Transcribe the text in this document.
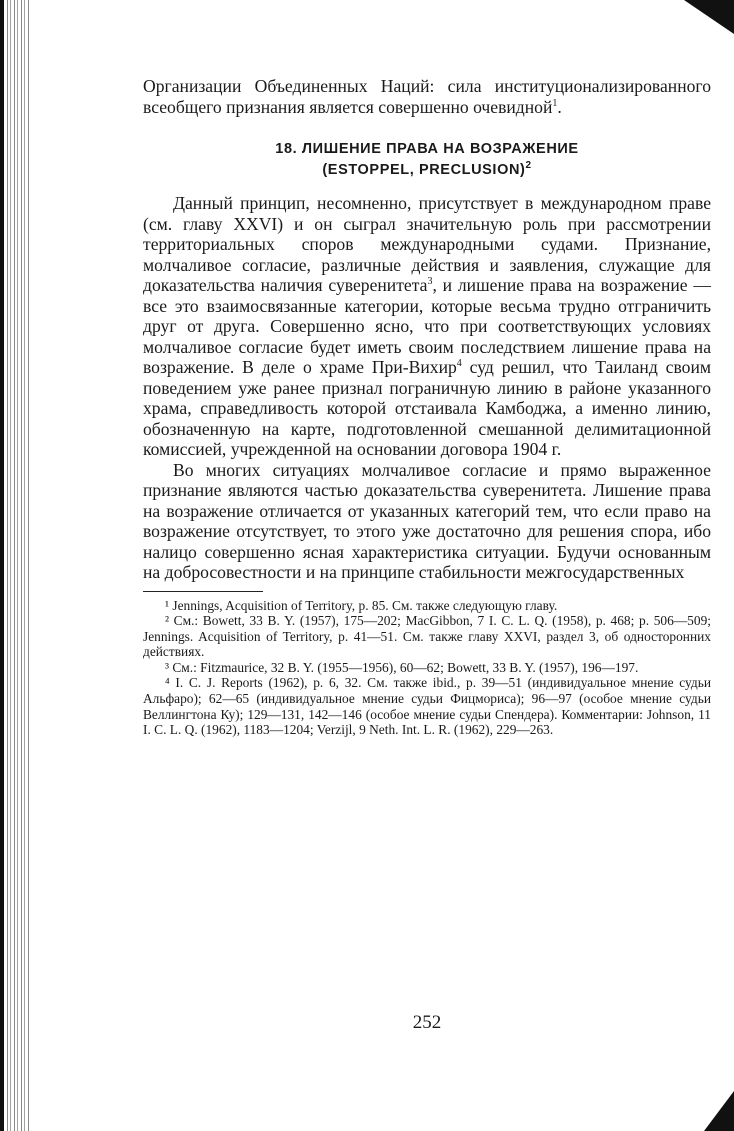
Организации Объединенных Наций: сила институционализированного всеобщего признания является совершенно очевидной$^1$.

18. ЛИШЕНИЕ ПРАВА НА ВОЗРАЖЕНИЕ
(ESTOPPEL, PRECLUSION)$^2$

Данный принцип, несомненно, присутствует в международном праве (см. главу XXVI) и он сыграл значительную роль при рассмотрении территориальных споров международными судами. Признание, молчаливое согласие, различные действия и заявления, служащие для доказательства наличия суверенитета$^3$, и лишение права на возражение — все это взаимосвязанные категории, которые весьма трудно отграничить друг от друга. Совершенно ясно, что при соответствующих условиях молчаливое согласие будет иметь своим последствием лишение права на возражение. В деле о храме При-Вихир$^4$ суд решил, что Таиланд своим поведением уже ранее признал пограничную линию в районе указанного храма, справедливость которой отстаивала Камбоджа, а именно линию, обозначенную на карте, подготовленной смешанной делимитационной комиссией, учрежденной на основании договора 1904 г.

Во многих ситуациях молчаливое согласие и прямо выраженное признание являются частью доказательства суверенитета. Лишение права на возражение отличается от указанных категорий тем, что если право на возражение отсутствует, то этого уже достаточно для решения спора, ибо налицо совершенно ясная характеристика ситуации. Будучи основанным на добросовестности и на принципе стабильности межгосударственных

¹ Jennings, Acquisition of Territory, p. 85. См. также следующую главу.

² См.: Bowett, 33 B. Y. (1957), 175—202; MacGibbon, 7 I. C. L. Q. (1958), p. 468; p. 506—509; Jennings. Acquisition of Territory, p. 41—51. См. также главу XXVI, раздел 3, об односторонних действиях.

³ См.: Fitzmaurice, 32 B. Y. (1955—1956), 60—62; Bowett, 33 B. Y. (1957), 196—197.

⁴ I. C. J. Reports (1962), p. 6, 32. См. также ibid., p. 39—51 (индивидуальное мнение судьи Альфаро); 62—65 (индивидуальное мнение судьи Фицмориса); 96—97 (особое мнение судьи Веллингтона Ку); 129—131, 142—146 (особое мнение судьи Спендера). Комментарии: Johnson, 11 I. C. L. Q. (1962), 1183—1204; Verzijl, 9 Neth. Int. L. R. (1962), 229—263.

252
